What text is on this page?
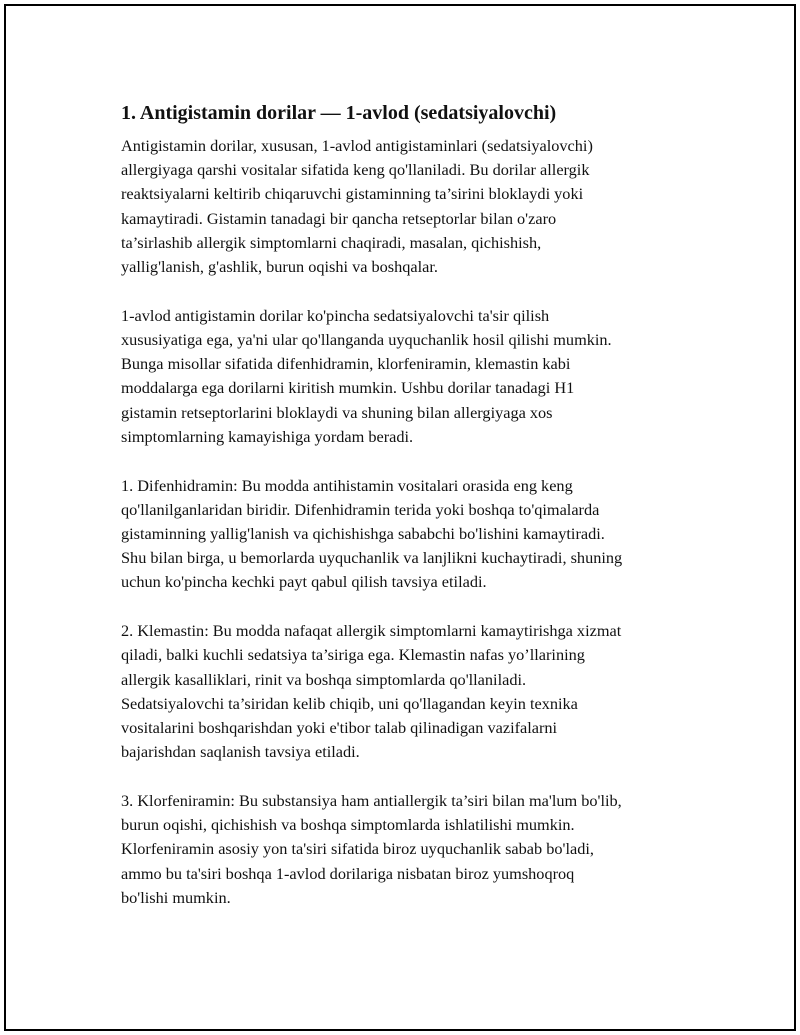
1. Antigistamin dorilar — 1-avlod (sedatsiyalovchi)

Antigistamin dorilar, xususan, 1-avlod antigistaminlari (sedatsiyalovchi)
allergiyaga qarshi vositalar sifatida keng qo'llaniladi. Bu dorilar allergik
reaktsiyalarni keltirib chiqaruvchi gistaminning ta’sirini bloklaydi yoki
kamaytiradi. Gistamin tanadagi bir qancha retseptorlar bilan o'zaro
ta’sirlashib allergik simptomlarni chaqiradi, masalan, qichishish,
yallig'lanish, g'ashlik, burun oqishi va boshqalar.

1-avlod antigistamin dorilar ko'pincha sedatsiyalovchi ta'sir qilish
xususiyatiga ega, ya'ni ular qo'llanganda uyquchanlik hosil qilishi mumkin.
Bunga misollar sifatida difenhidramin, klorfeniramin, klemastin kabi
moddalarga ega dorilarni kiritish mumkin. Ushbu dorilar tanadagi H1
gistamin retseptorlarini bloklaydi va shuning bilan allergiyaga xos
simptomlarning kamayishiga yordam beradi.

1. Difenhidramin: Bu modda antihistamin vositalari orasida eng keng
qo'llanilganlaridan biridir. Difenhidramin terida yoki boshqa to'qimalarda
gistaminning yallig'lanish va qichishishga sababchi bo'lishini kamaytiradi.
Shu bilan birga, u bemorlarda uyquchanlik va lanjlikni kuchaytiradi, shuning
uchun ko'pincha kechki payt qabul qilish tavsiya etiladi.

2. Klemastin: Bu modda nafaqat allergik simptomlarni kamaytirishga xizmat
qiladi, balki kuchli sedatsiya ta’siriga ega. Klemastin nafas yo’llarining
allergik kasalliklari, rinit va boshqa simptomlarda qo'llaniladi.
Sedatsiyalovchi ta’siridan kelib chiqib, uni qo'llagandan keyin texnika
vositalarini boshqarishdan yoki e'tibor talab qilinadigan vazifalarni
bajarishdan saqlanish tavsiya etiladi.

3. Klorfeniramin: Bu substansiya ham antiallergik ta’siri bilan ma'lum bo'lib,
burun oqishi, qichishish va boshqa simptomlarda ishlatilishi mumkin.
Klorfeniramin asosiy yon ta'siri sifatida biroz uyquchanlik sabab bo'ladi,
ammo bu ta'siri boshqa 1-avlod dorilariga nisbatan biroz yumshoqroq
bo'lishi mumkin.
